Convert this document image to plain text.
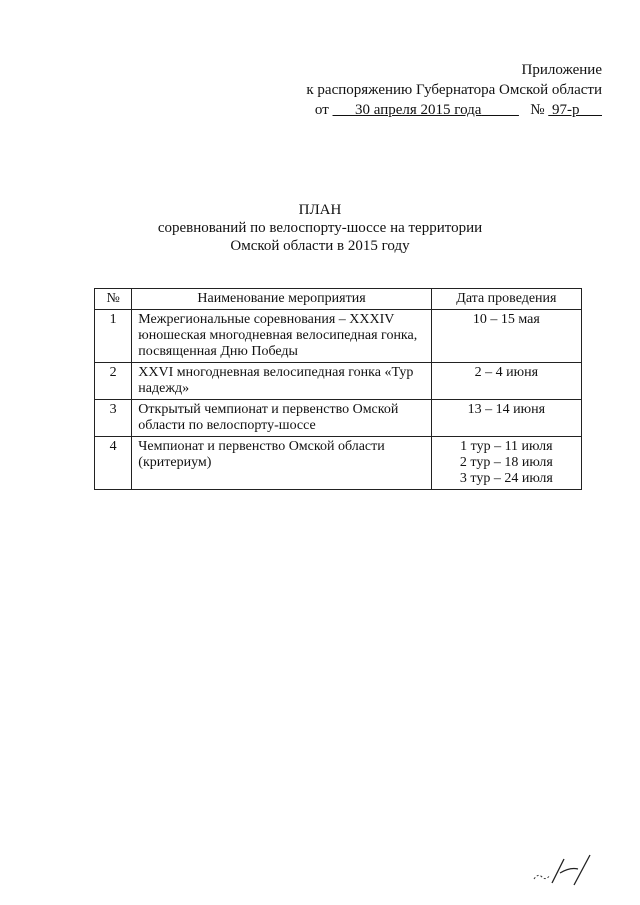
Приложение
к распоряжению Губернатора Омской области
от 30 апреля 2015 года	№ 97-р
ПЛАН
соревнований по велоспорту-шоссе на территории
Омской области в 2015 году
№	Наименование мероприятия	Дата проведения
1	Межрегиональные соревнования – XXXIV юношеская многодневная велосипедная гонка, посвященная Дню Победы	10 – 15 мая

2	XXVI многодневная велосипедная гонка «Тур надежд»	2 – 4 июня

3	Открытый чемпионат и первенство Омской области по велоспорту-шоссе	13 – 14 июня

4	Чемпионат и первенство Омской области (критериум)	1 тур – 11 июля
2 тур – 18 июля
3 тур – 24 июля
